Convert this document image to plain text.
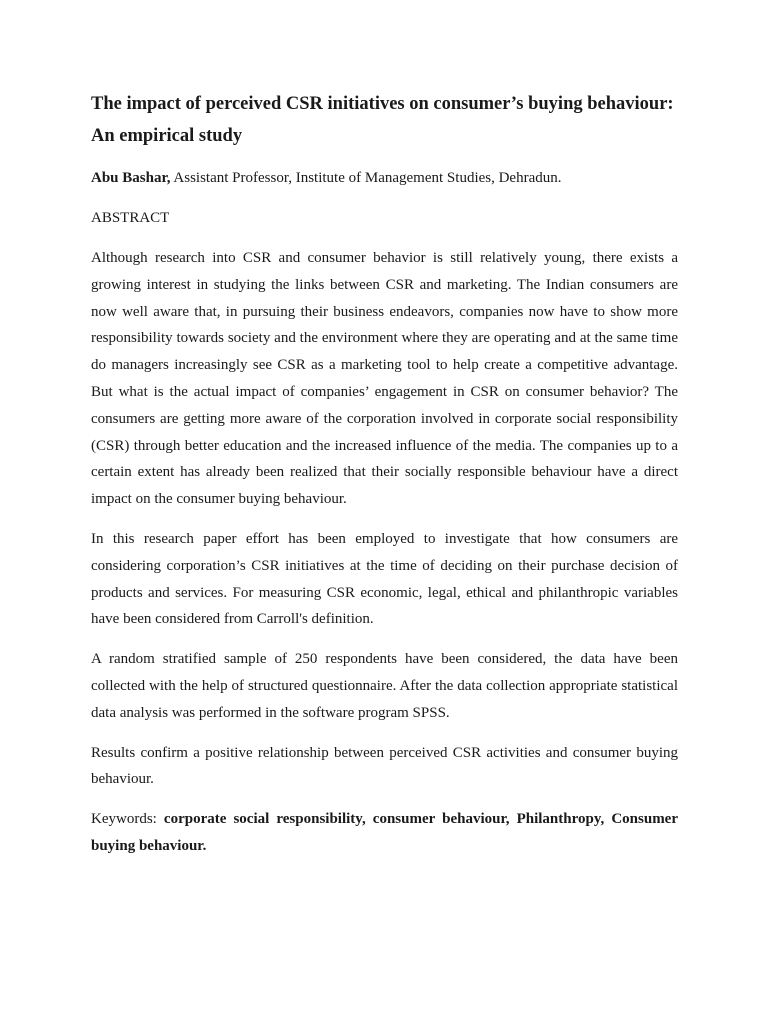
The impact of perceived CSR initiatives on consumer’s buying behaviour: An empirical study
Abu Bashar, Assistant Professor, Institute of Management Studies, Dehradun.
ABSTRACT

Although research into CSR and consumer behavior is still relatively young, there exists a growing interest in studying the links between CSR and marketing. The Indian consumers are now well aware that, in pursuing their business endeavors, companies now have to show more responsibility towards society and the environment where they are operating and at the same time do managers increasingly see CSR as a marketing tool to help create a competitive advantage. But what is the actual impact of companies’ engagement in CSR on consumer behavior? The consumers are getting more aware of the corporation involved in corporate social responsibility (CSR) through better education and the increased influence of the media. The companies up to a certain extent has already been realized that their socially responsible behaviour have a direct impact on the consumer buying behaviour.

In this research paper effort has been employed to investigate that how consumers are considering corporation’s CSR initiatives at the time of deciding on their purchase decision of products and services. For measuring CSR economic, legal, ethical and philanthropic variables have been considered from Carroll's definition.

A random stratified sample of 250 respondents have been considered, the data have been collected with the help of structured questionnaire. After the data collection appropriate statistical data analysis was performed in the software program SPSS.

Results confirm a positive relationship between perceived CSR activities and consumer buying behaviour.

Keywords: corporate social responsibility, consumer behaviour, Philanthropy, Consumer buying behaviour.
